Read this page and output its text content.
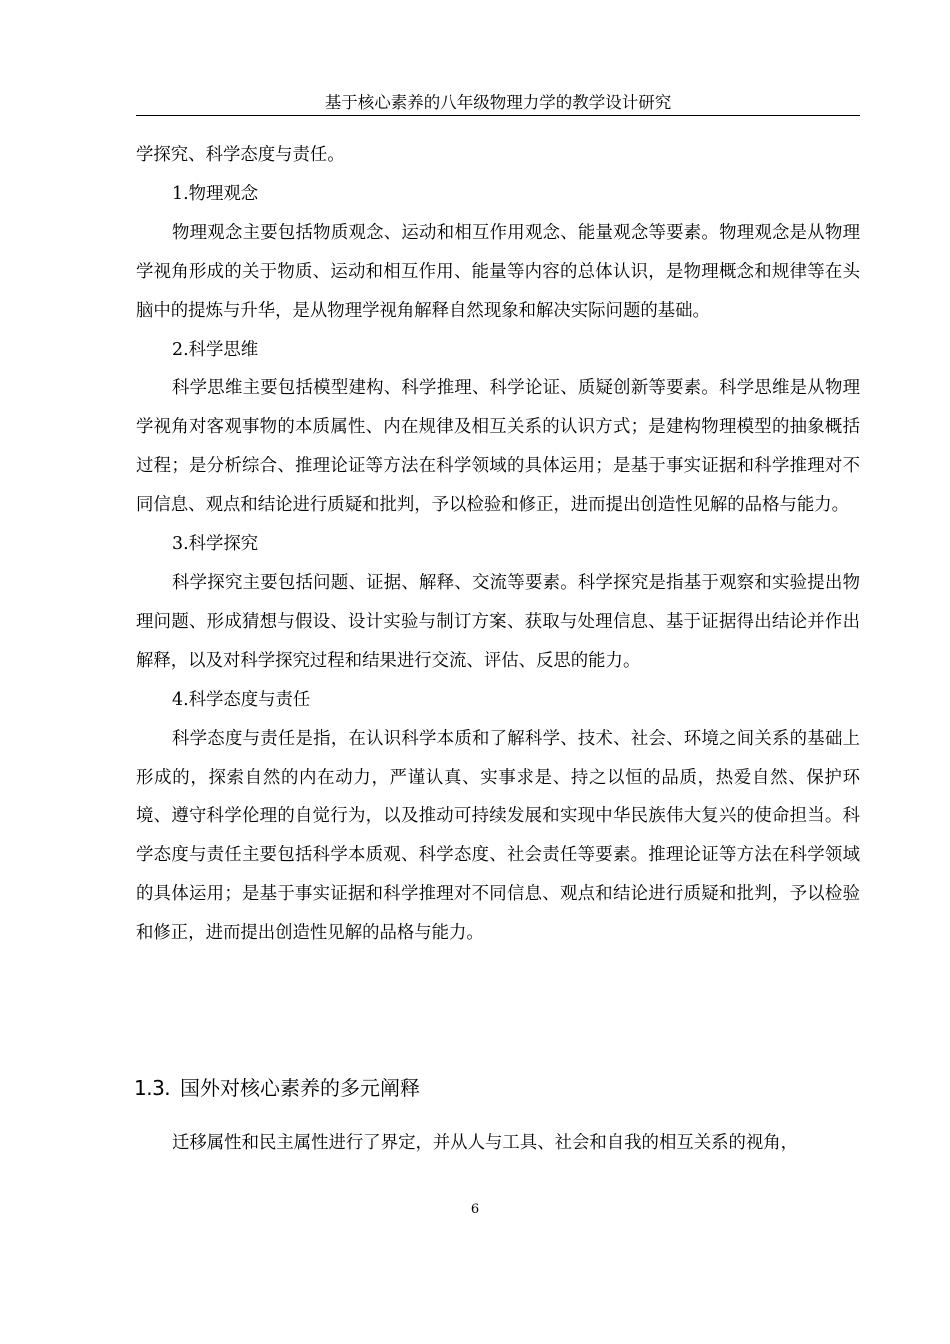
基于核心素养的八年级物理力学的教学设计研究

学探究、科学态度与责任。

1.物理观念

物理观念主要包括物质观念、运动和相互作用观念、能量观念等要素。物理观念是从物理学视角形成的关于物质、运动和相互作用、能量等内容的总体认识，是物理概念和规律等在头脑中的提炼与升华，是从物理学视角解释自然现象和解决实际问题的基础。

2.科学思维

科学思维主要包括模型建构、科学推理、科学论证、质疑创新等要素。科学思维是从物理学视角对客观事物的本质属性、内在规律及相互关系的认识方式；是建构物理模型的抽象概括过程；是分析综合、推理论证等方法在科学领域的具体运用；是基于事实证据和科学推理对不同信息、观点和结论进行质疑和批判，予以检验和修正，进而提出创造性见解的品格与能力。

3.科学探究

科学探究主要包括问题、证据、解释、交流等要素。科学探究是指基于观察和实验提出物理问题、形成猜想与假设、设计实验与制订方案、获取与处理信息、基于证据得出结论并作出解释，以及对科学探究过程和结果进行交流、评估、反思的能力。

4.科学态度与责任

科学态度与责任是指，在认识科学本质和了解科学、技术、社会、环境之间关系的基础上形成的，探索自然的内在动力，严谨认真、实事求是、持之以恒的品质，热爱自然、保护环境、遵守科学伦理的自觉行为，以及推动可持续发展和实现中华民族伟大复兴的使命担当。科学态度与责任主要包括科学本质观、科学态度、社会责任等要素。推理论证等方法在科学领域的具体运用；是基于事实证据和科学推理对不同信息、观点和结论进行质疑和批判，予以检验和修正，进而提出创造性见解的品格与能力。

1.3. 国外对核心素养的多元阐释

迁移属性和民主属性进行了界定，并从人与工具、社会和自我的相互关系的视角，

6
